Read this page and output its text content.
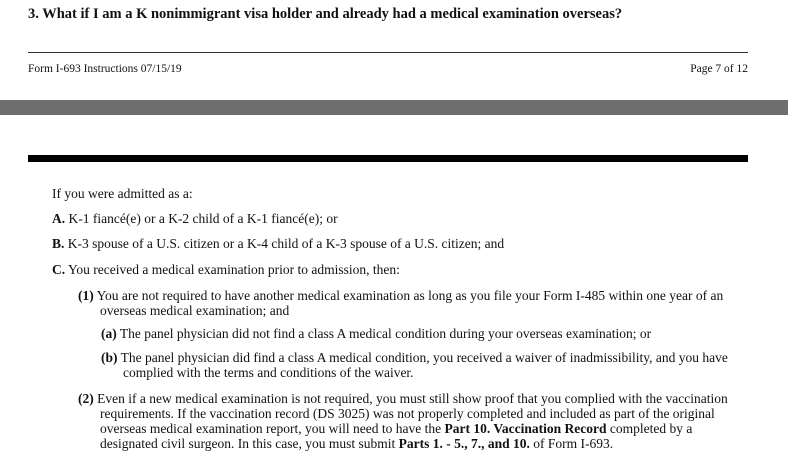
3. What if I am a K nonimmigrant visa holder and already had a medical examination overseas?
Form I-693 Instructions 07/15/19	Page 7 of 12
If you were admitted as a:
A. K-1 fiancé(e) or a K-2 child of a K-1 fiancé(e); or
B. K-3 spouse of a U.S. citizen or a K-4 child of a K-3 spouse of a U.S. citizen; and
C. You received a medical examination prior to admission, then:
(1) You are not required to have another medical examination as long as you file your Form I-485 within one year of an overseas medical examination; and
(a) The panel physician did not find a class A medical condition during your overseas examination; or
(b) The panel physician did find a class A medical condition, you received a waiver of inadmissibility, and you have complied with the terms and conditions of the waiver.
(2) Even if a new medical examination is not required, you must still show proof that you complied with the vaccination requirements. If the vaccination record (DS 3025) was not properly completed and included as part of the original overseas medical examination report, you will need to have the Part 10. Vaccination Record completed by a designated civil surgeon. In this case, you must submit Parts 1. - 5., 7., and 10. of Form I-693.
